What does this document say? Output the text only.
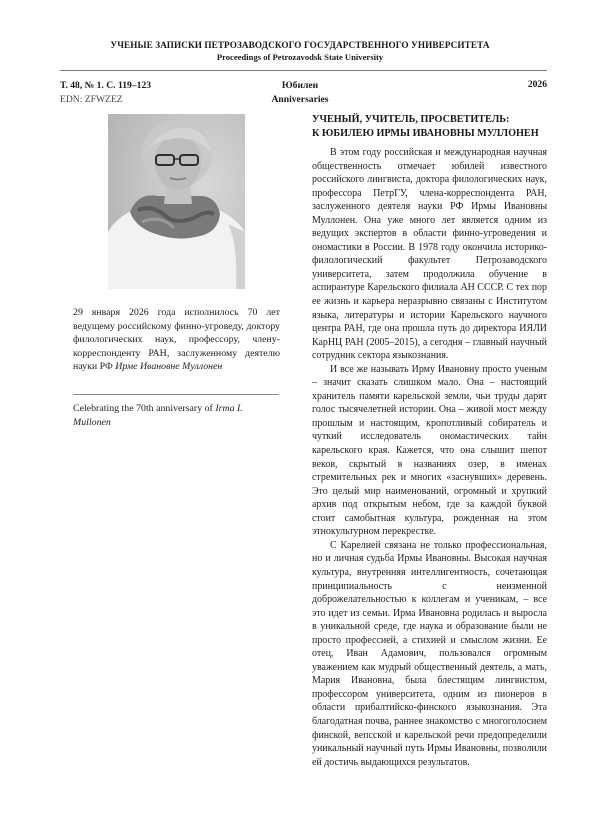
УЧЕНЫЕ ЗАПИСКИ ПЕТРОЗАВОДСКОГО ГОСУДАРСТВЕННОГО УНИВЕРСИТЕТА
Proceedings of Petrozavodsk State University
Т. 48, № 1. С. 119–123
EDN: ZFWZEZ
Юбилеи
Anniversaries
2026
29 января 2026 года исполнилось 70 лет ведущему российскому финно-угроведу, доктору филологических наук, профессору, члену-корреспонденту РАН, заслуженному деятелю науки РФ Ирме Ивановне Муллонен
Celebrating the 70th anniversary of Irma I. Mullonen
УЧЕНЫЙ, УЧИТЕЛЬ, ПРОСВЕТИТЕЛЬ:
К ЮБИЛЕЮ ИРМЫ ИВАНОВНЫ МУЛЛОНЕН

В этом году российская и международная научная общественность отмечает юбилей известного российского лингвиста, доктора филологических наук, профессора ПетрГУ, члена-корреспондента РАН, заслуженного деятеля науки РФ Ирмы Ивановны Муллонен. Она уже много лет является одним из ведущих экспертов в области финно-угроведения и ономастики в России. В 1978 году окончила историко-филологический факультет Петрозаводского университета, затем продолжила обучение в аспирантуре Карельского филиала АН СССР. С тех пор ее жизнь и карьера неразрывно связаны с Институтом языка, литературы и истории Карельского научного центра РАН, где она прошла путь до директора ИЯЛИ КарНЦ РАН (2005–2015), а сегодня – главный научный сотрудник сектора языкознания.

И все же называть Ирму Ивановну просто ученым – значит сказать слишком мало. Она – настоящий хранитель памяти карельской земли, чьи труды дарят голос тысячелетней истории. Она – живой мост между прошлым и настоящим, кропотливый собиратель и чуткий исследователь ономастических тайн карельского края. Кажется, что она слышит шепот веков, скрытый в названиях озер, в именах стремительных рек и многих «заснувших» деревень. Это целый мир наименований, огромный и хрупкий архив под открытым небом, где за каждой буквой стоит самобытная культура, рожденная на этом этнокультурном перекрестке.

С Карелией связана не только профессиональная, но и личная судьба Ирмы Ивановны. Высокая научная культура, внутренняя интеллигентность, сочетающая принципиальность с неизменной доброжелательностью к коллегам и ученикам, – все это идет из семьи. Ирма Ивановна родилась и выросла в уникальной среде, где наука и образование были не просто профессией, а стихией и смыслом жизни. Ее отец, Иван Адамович, пользовался огромным уважением как мудрый общественный деятель, а мать, Мария Ивановна, была блестящим лингвистом, профессором университета, одним из пионеров в области прибалтийско-финского языкознания. Эта благодатная почва, раннее знакомство с многоголосием финской, вепсской и карельской речи предопределили уникальный научный путь Ирмы Ивановны, позволили ей достичь выдающихся результатов.
